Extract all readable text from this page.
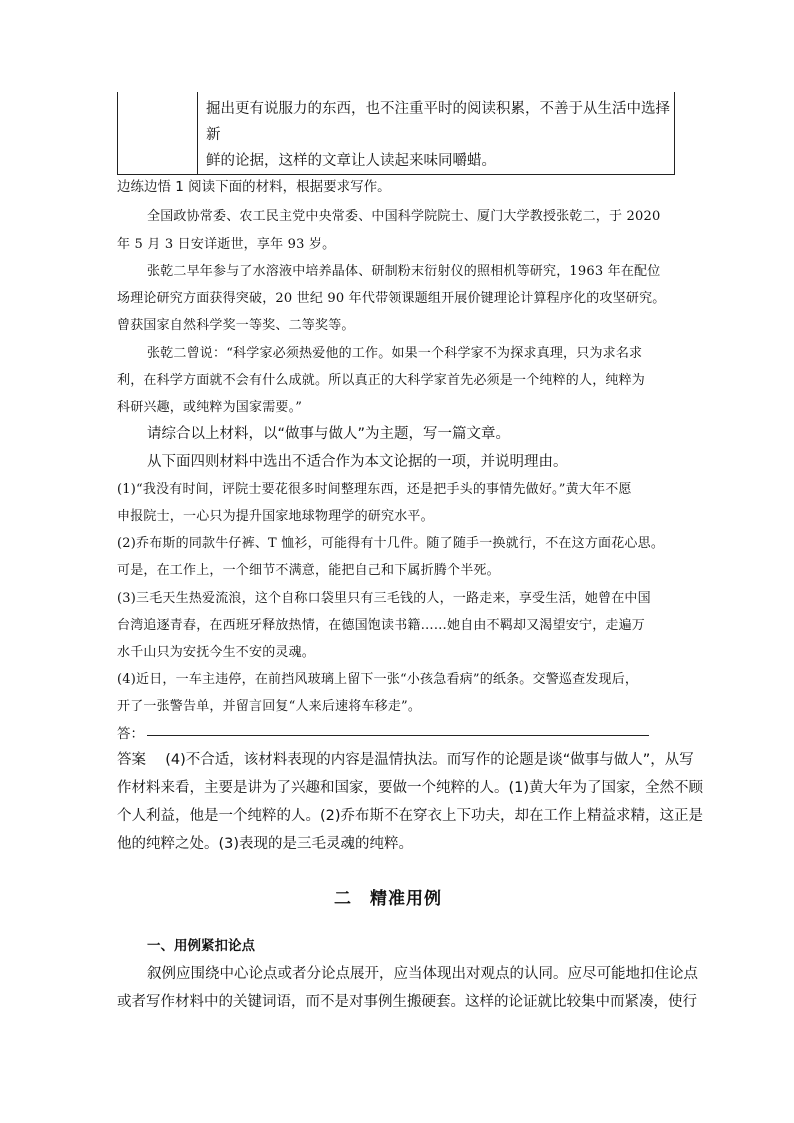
掘出更有说服力的东西，也不注重平时的阅读积累，不善于从生活中选择新
鲜的论据，这样的文章让人读起来味同嚼蜡。
边练边悟 1 阅读下面的材料，根据要求写作。
全国政协常委、农工民主党中央常委、中国科学院院士、厦门大学教授张乾二，于 2020
年 5 月 3 日安详逝世，享年 93 岁。
张乾二早年参与了水溶液中培养晶体、研制粉末衍射仪的照相机等研究，1963 年在配位
场理论研究方面获得突破，20 世纪 90 年代带领课题组开展价键理论计算程序化的攻坚研究。
曾获国家自然科学奖一等奖、二等奖等。
张乾二曾说：“科学家必须热爱他的工作。如果一个科学家不为探求真理，只为求名求
利，在科学方面就不会有什么成就。所以真正的大科学家首先必须是一个纯粹的人，纯粹为
科研兴趣，或纯粹为国家需要。”
请综合以上材料，以“做事与做人”为主题，写一篇文章。
从下面四则材料中选出不适合作为本文论据的一项，并说明理由。
(1)“我没有时间，评院士要花很多时间整理东西，还是把手头的事情先做好。”黄大年不愿
申报院士，一心只为提升国家地球物理学的研究水平。
(2)乔布斯的同款牛仔裤、T 恤衫，可能得有十几件。随了随手一换就行，不在这方面花心思。
可是，在工作上，一个细节不满意，能把自己和下属折腾个半死。
(3)三毛天生热爱流浪，这个自称口袋里只有三毛钱的人，一路走来，享受生活，她曾在中国
台湾追逐青春，在西班牙释放热情，在德国饱读书籍……她自由不羁却又渴望安宁，走遍万
水千山只为安抚今生不安的灵魂。
(4)近日，一车主违停，在前挡风玻璃上留下一张“小孩急看病”的纸条。交警巡查发现后，
开了一张警告单，并留言回复“人来后速将车移走”。
答：
答案 (4)不合适，该材料表现的内容是温情执法。而写作的论题是谈“做事与做人”，从写
作材料来看，主要是讲为了兴趣和国家，要做一个纯粹的人。(1)黄大年为了国家，全然不顾
个人利益，他是一个纯粹的人。(2)乔布斯不在穿衣上下功夫，却在工作上精益求精，这正是
他的纯粹之处。(3)表现的是三毛灵魂的纯粹。
二　精准用例
一、用例紧扣论点
叙例应围绕中心论点或者分论点展开，应当体现出对观点的认同。应尽可能地扣住论点
或者写作材料中的关键词语，而不是对事例生搬硬套。这样的论证就比较集中而紧凑，使行
